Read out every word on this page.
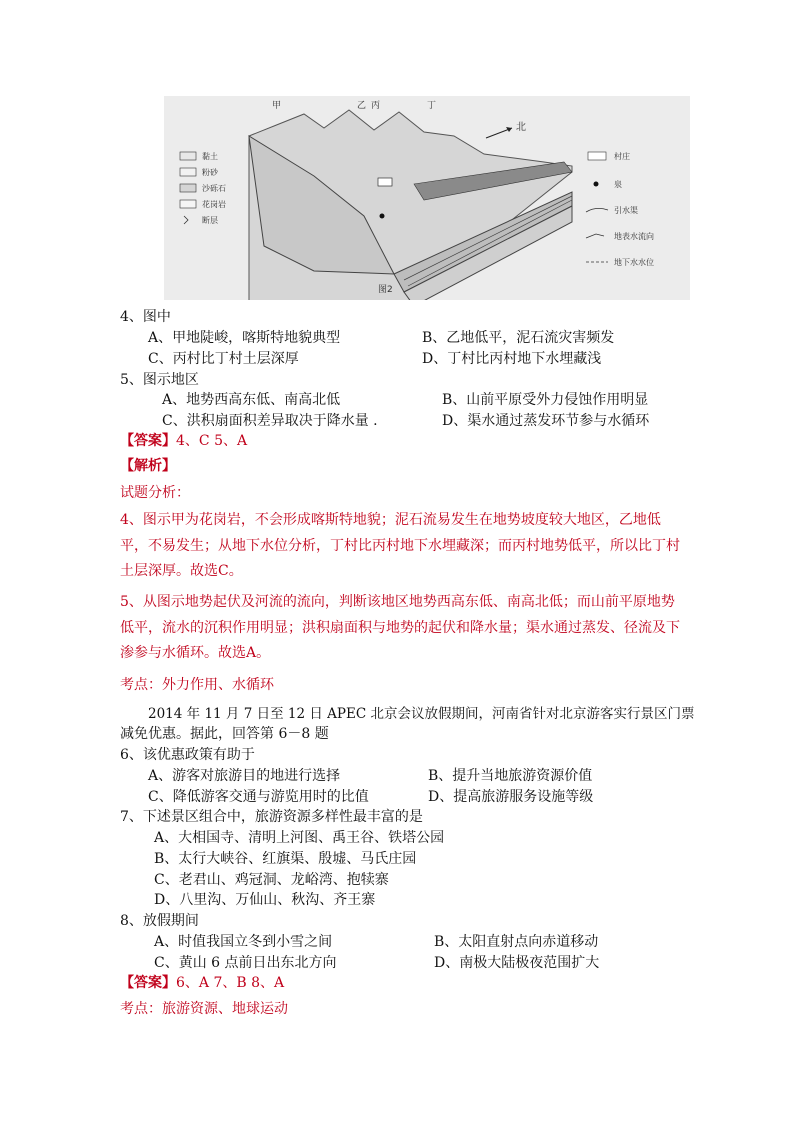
北
甲	乙 丙	丁
黏土
粉砂
沙砾石
花岗岩
断层
村庄
泉
引水渠
地表水流向
地下水水位
图2
4、图中
A、甲地陡峻，喀斯特地貌典型	B、乙地低平，泥石流灾害频发
C、丙村比丁村土层深厚	D、丁村比丙村地下水埋藏浅
5、图示地区
A、地势西高东低、南高北低	B、山前平原受外力侵蚀作用明显
C、洪积扇面积差异取决于降水量 .	D、渠水通过蒸发环节参与水循环
【答案】4、C 5、A
【解析】
试题分析：
4、图示甲为花岗岩，不会形成喀斯特地貌；泥石流易发生在地势坡度较大地区，乙地低平，不易发生；从地下水位分析，丁村比丙村地下水埋藏深；而丙村地势低平，所以比丁村土层深厚。故选C。
5、从图示地势起伏及河流的流向，判断该地区地势西高东低、南高北低；而山前平原地势低平，流水的沉积作用明显；洪积扇面积与地势的起伏和降水量；渠水通过蒸发、径流及下渗参与水循环。故选A。
考点：外力作用、水循环
2014 年 11 月 7 日至 12 日 APEC 北京会议放假期间，河南省针对北京游客实行景区门票
减免优惠。据此，回答第 6－8 题
6、该优惠政策有助于
A、游客对旅游目的地进行选择	B、提升当地旅游资源价值
C、降低游客交通与游览用时的比值	D、提高旅游服务设施等级
7、下述景区组合中，旅游资源多样性最丰富的是
A、大相国寺、清明上河图、禹王谷、铁塔公园
B、太行大峡谷、红旗渠、殷墟、马氏庄园
C、老君山、鸡冠洞、龙峪湾、抱犊寨
D、八里沟、万仙山、秋沟、齐王寨
8、放假期间
A、时值我国立冬到小雪之间	B、太阳直射点向赤道移动
C、黄山 6 点前日出东北方向	D、南极大陆极夜范围扩大
【答案】6、A 7、B 8、A
考点：旅游资源、地球运动
